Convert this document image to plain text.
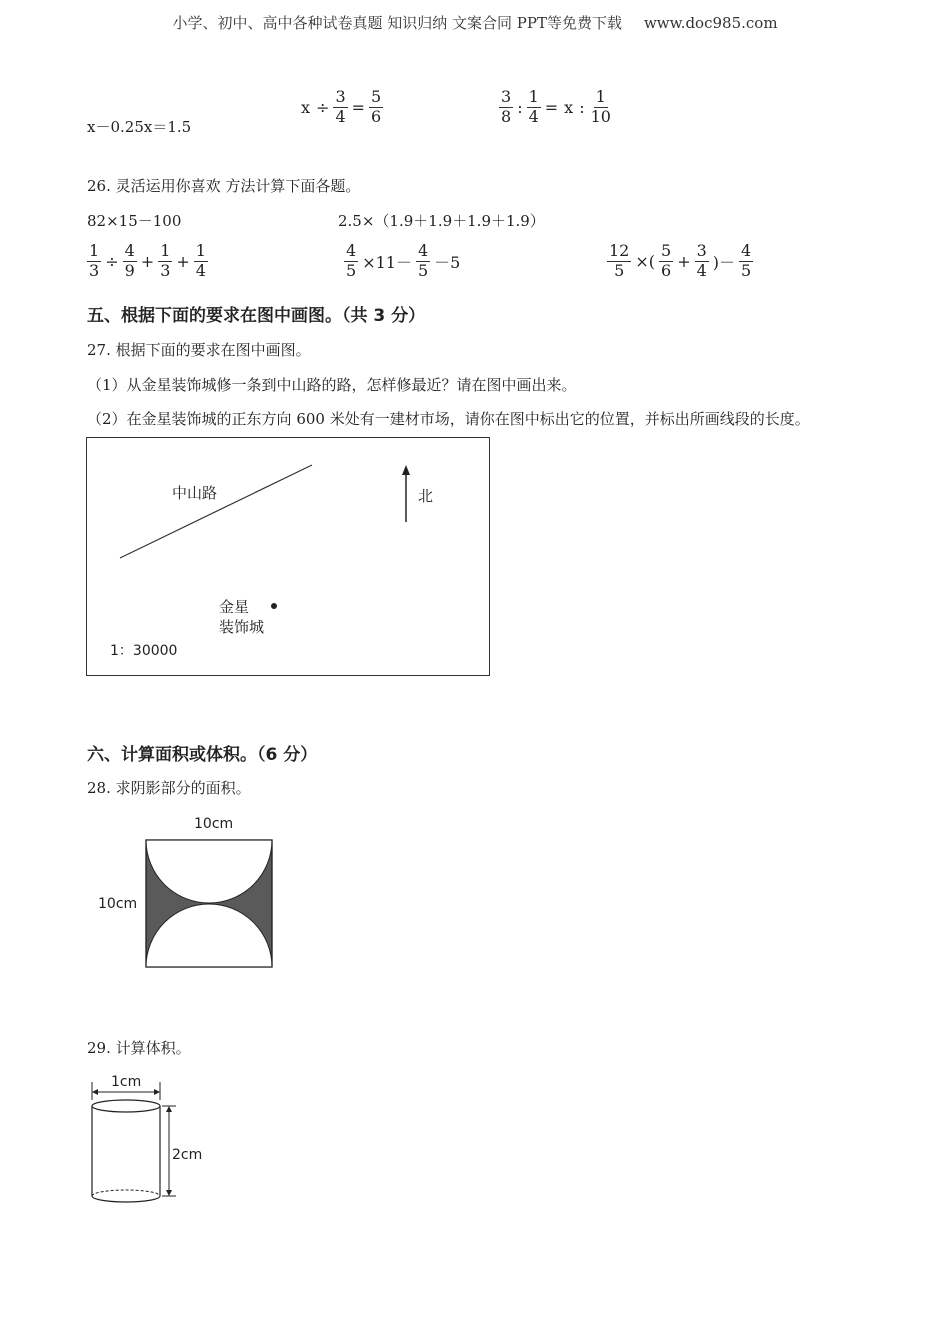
小学、初中、高中各种试卷真题 知识归纳 文案合同 PPT等免费下载 www.doc985.com
x－0.25x＝1.5
$x \div \frac{3}{4} = \frac{5}{6}$	$\frac{3}{8}$ : $\frac{1}{4} = x$ : $\frac{1}{10}$
26. 灵活运用你喜欢 方法计算下面各题。
82×15－100	2.5×（1.9＋1.9＋1.9＋1.9）
$\frac{1}{3} \div \frac{4}{9} + \frac{1}{3} + \frac{1}{4}$	$\frac{4}{5} \times 11- \frac{4}{5} -5$	$\frac{12}{5}$ ×( $\frac{5}{6} + \frac{3}{4}$ )－ $\frac{4}{5}$
五、根据下面的要求在图中画图。（共 3 分）
27. 根据下面的要求在图中画图。
（1）从金星装饰城修一条到中山路的路，怎样修最近？请在图中画出来。
（2）在金星装饰城的正东方向 600 米处有一建材市场，请你在图中标出它的位置，并标出所画线段的长度。
中山路	北
金星
装饰城
1：30000
六、计算面积或体积。（6 分）
28. 求阴影部分的面积。
10cm
10cm
29. 计算体积。
1cm
2cm
